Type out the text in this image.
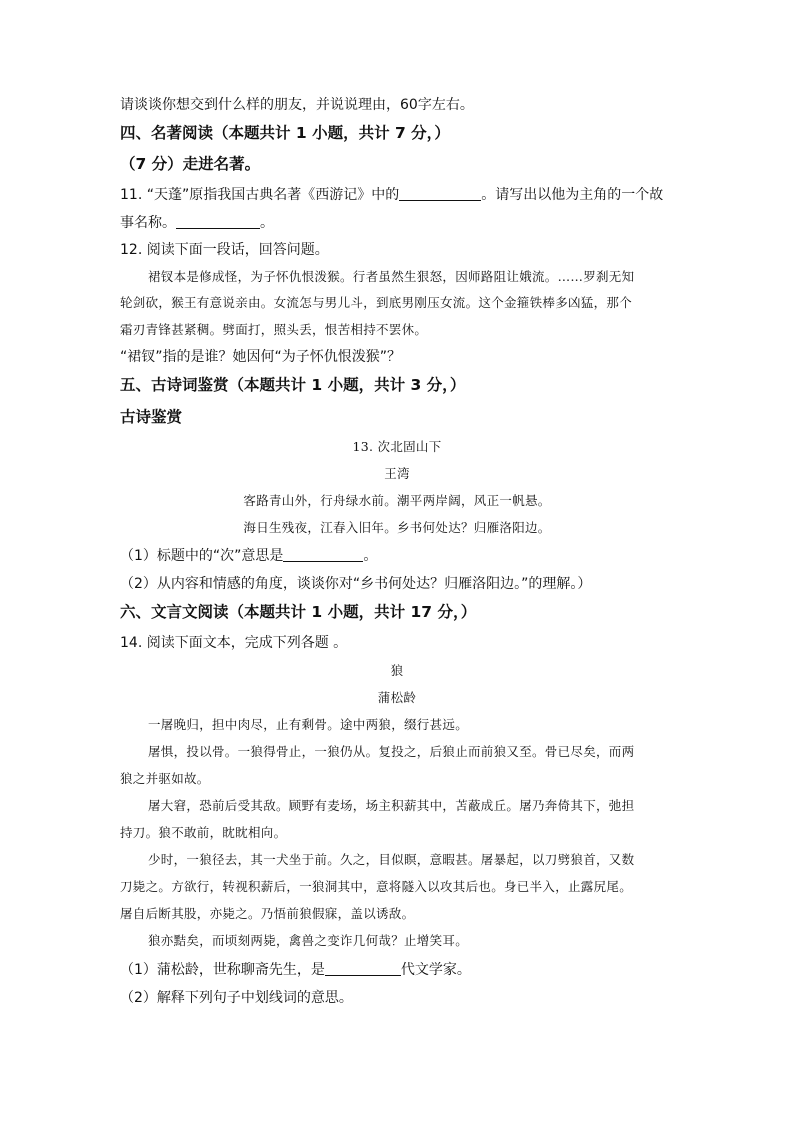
请谈谈你想交到什么样的朋友，并说说理由，60字左右。
四、名著阅读（本题共计 1 小题，共计 7 分，）
（7 分）走进名著。
11. “天蓬”原指我国古典名著《西游记》中的	。请写出以他为主角的一个故
事名称。	。
12. 阅读下面一段话，回答问题。
裙钗本是修成怪，为子怀仇恨泼猴。行者虽然生狠怒，因师路阻让娥流。……罗刹无知
轮剑砍，猴王有意说亲由。女流怎与男儿斗，到底男刚压女流。这个金箍铁棒多凶猛，那个
霜刃青锋甚紧稠。劈面打，照头丢，恨苦相持不罢休。
“裙钗”指的是谁？她因何“为子怀仇恨泼猴”？
五、古诗词鉴赏（本题共计 1 小题，共计 3 分，）
古诗鉴赏
13. 次北固山下
王湾
客路青山外，行舟绿水前。潮平两岸阔，风正一帆悬。
海日生残夜，江春入旧年。乡书何处达？归雁洛阳边。
（1）标题中的“次”意思是	。
（2）从内容和情感的角度，谈谈你对“乡书何处达？归雁洛阳边。”的理解。）
六、文言文阅读（本题共计 1 小题，共计 17 分，）
14. 阅读下面文本，完成下列各题 。
狼
蒲松龄
一屠晚归，担中肉尽，止有剩骨。途中两狼，缀行甚远。
屠惧，投以骨。一狼得骨止，一狼仍从。复投之，后狼止而前狼又至。骨已尽矣，而两
狼之并驱如故。
屠大窘，恐前后受其敌。顾野有麦场，场主积薪其中，苫蔽成丘。屠乃奔倚其下，弛担
持刀。狼不敢前，眈眈相向。
少时，一狼径去，其一犬坐于前。久之，目似瞑，意暇甚。屠暴起，以刀劈狼首，又数
刀毙之。方欲行，转视积薪后，一狼洞其中，意将隧入以攻其后也。身已半入，止露尻尾。
屠自后断其股，亦毙之。乃悟前狼假寐，盖以诱敌。
狼亦黠矣，而顷刻两毙，禽兽之变诈几何哉？止增笑耳。
（1）蒲松龄，世称聊斋先生，是	代文学家。
（2）解释下列句子中划线词的意思。
